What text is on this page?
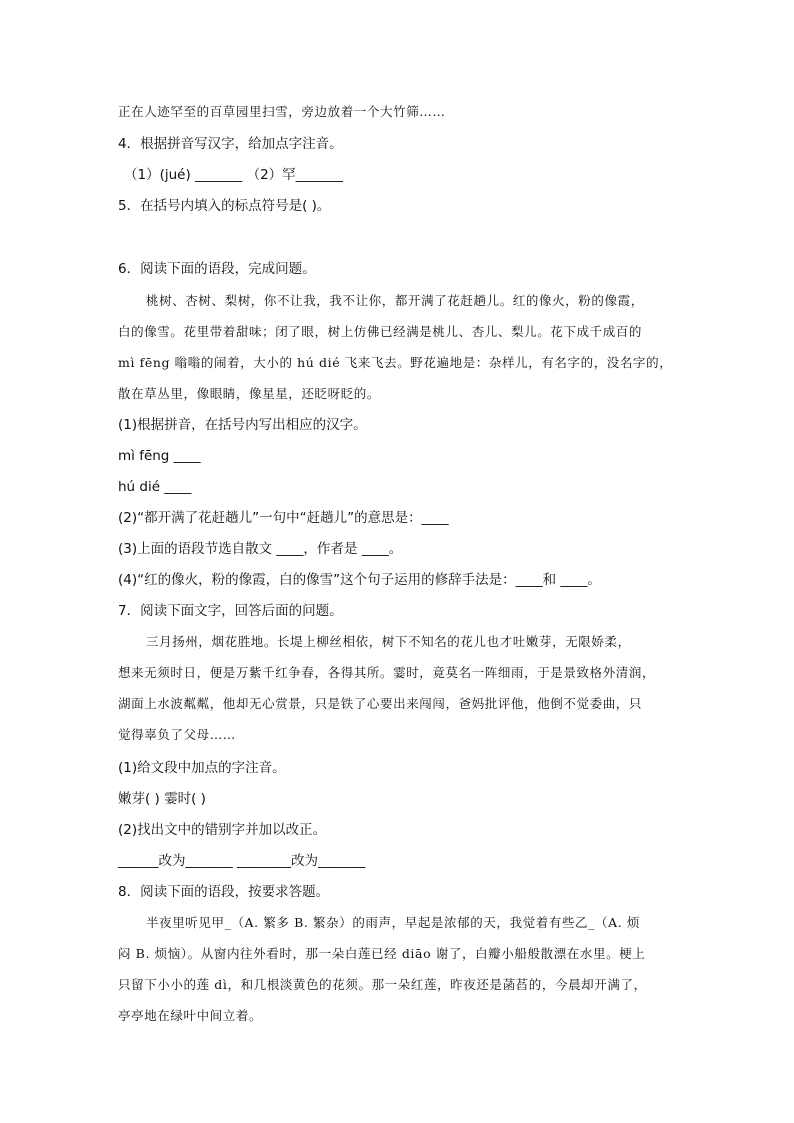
正在人迹罕至的百草园里扫雪，旁边放着一个大竹筛……
4．根据拼音写汉字，给加点字注音。
（1）(jué) _______ （2）罕_______
5．在括号内填入的标点符号是( )。
6．阅读下面的语段，完成问题。
桃树、杏树、梨树，你不让我，我不让你，都开满了花赶趟儿。红的像火，粉的像霞，
白的像雪。花里带着甜味；闭了眼，树上仿佛已经满是桃儿、杏儿、梨儿。花下成千成百的
mì fēng 嗡嗡的闹着，大小的 hú dié 飞来飞去。野花遍地是：杂样儿，有名字的，没名字的，
散在草丛里，像眼睛，像星星，还眨呀眨的。
(1)根据拼音，在括号内写出相应的汉字。
mì fēng ____
hú dié ____
(2)“都开满了花赶趟儿”一句中“赶趟儿”的意思是：____
(3)上面的语段节选自散文 ____，作者是 ____。
(4)“红的像火，粉的像霞，白的像雪”这个句子运用的修辞手法是：____和 ____。
7．阅读下面文字，回答后面的问题。
三月扬州，烟花胜地。长堤上柳丝相依，树下不知名的花儿也才吐嫩芽，无限娇柔，
想来无须时日，便是万紫千红争春，各得其所。霎时，竟莫名一阵细雨，于是景致格外清润，
湖面上水波粼粼，他却无心赏景，只是铁了心要出来闯闯，爸妈批评他，他倒不觉委曲，只
觉得辜负了父母……
(1)给文段中加点的字注音。
嫩芽( ) 霎时( )
(2)找出文中的错别字并加以改正。
______改为_______ ________改为_______
8．阅读下面的语段，按要求答题。
半夜里听见甲_（A. 繁多 B. 繁杂）的雨声，早起是浓郁的天，我觉着有些乙_（A. 烦
闷 B. 烦恼）。从窗内往外看时，那一朵白莲已经 diāo 谢了，白瓣小船般散漂在水里。梗上
只留下小小的莲 dì，和几根淡黄色的花须。那一朵红莲，昨夜还是菡萏的，今晨却开满了，
亭亭地在绿叶中间立着。
